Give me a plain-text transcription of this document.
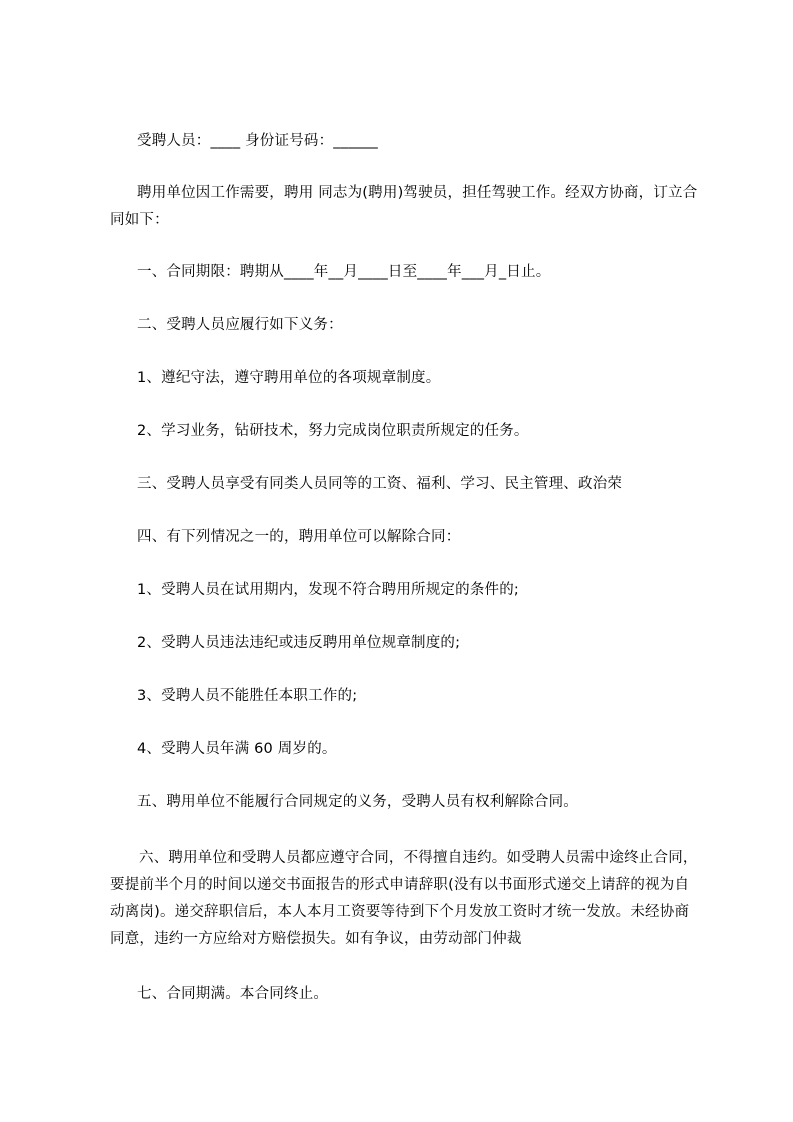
受聘人员：____ 身份证号码：______
聘用单位因工作需要，聘用 同志为(聘用)驾驶员，担任驾驶工作。经双方协商，订立合同如下：
一、合同期限：聘期从____年__月____日至____年___月_日止。
二、受聘人员应履行如下义务：
1、遵纪守法，遵守聘用单位的各项规章制度。
2、学习业务，钻研技术，努力完成岗位职责所规定的任务。
三、受聘人员享受有同类人员同等的工资、福利、学习、民主管理、政治荣
四、有下列情况之一的，聘用单位可以解除合同：
1、受聘人员在试用期内，发现不符合聘用所规定的条件的;
2、受聘人员违法违纪或违反聘用单位规章制度的;
3、受聘人员不能胜任本职工作的;
4、受聘人员年满 60 周岁的。
五、聘用单位不能履行合同规定的义务，受聘人员有权利解除合同。
六、聘用单位和受聘人员都应遵守合同，不得擅自违约。如受聘人员需中途终止合同，要提前半个月的时间以递交书面报告的形式申请辞职(没有以书面形式递交上请辞的视为自动离岗)。递交辞职信后，本人本月工资要等待到下个月发放工资时才统一发放。未经协商同意，违约一方应给对方赔偿损失。如有争议，由劳动部门仲裁
七、合同期满。本合同终止。
